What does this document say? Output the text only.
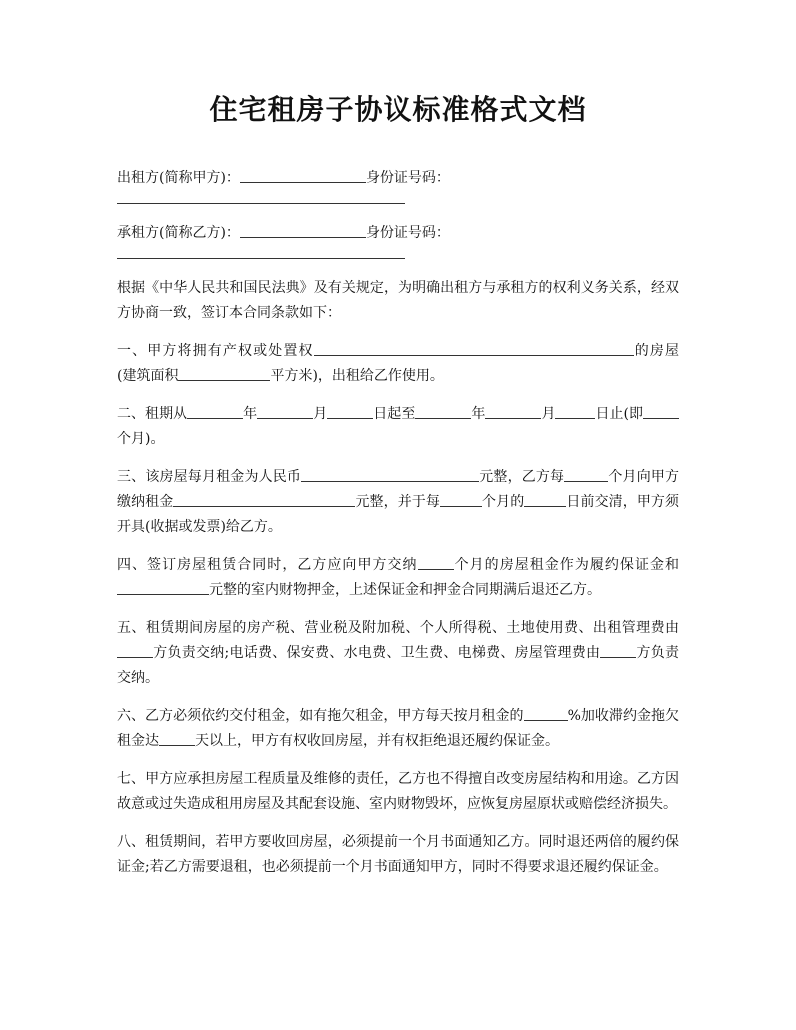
住宅租房子协议标准格式文档
出租方(简称甲方)：	身份证号码：
承租方(简称乙方)：	身份证号码：
根据《中华人民共和国民法典》及有关规定，为明确出租方与承租方的权利义务关系，经双方协商一致，签订本合同条款如下：
一、甲方将拥有产权或处置权	的房屋(建筑面积	平方米)，出租给乙作使用。
二、租期从	年	月	日起至	年	月	日止(即个月)。
三、该房屋每月租金为人民币	元整，乙方每	个月向甲方缴纳租金	元整，并于每	个月的	日前交清，甲方须开具(收据或发票)给乙方。
四、签订房屋租赁合同时，乙方应向甲方交纳	个月的房屋租金作为履约保证金和元整的室内财物押金，上述保证金和押金合同期满后退还乙方。
五、租赁期间房屋的房产税、营业税及附加税、个人所得税、土地使用费、出租管理费由方负责交纳;电话费、保安费、水电费、卫生费、电梯费、房屋管理费由	方负责交纳。
六、乙方必须依约交付租金，如有拖欠租金，甲方每天按月租金的	%加收滞约金拖欠租金达	天以上，甲方有权收回房屋，并有权拒绝退还履约保证金。
七、甲方应承担房屋工程质量及维修的责任，乙方也不得擅自改变房屋结构和用途。乙方因故意或过失造成租用房屋及其配套设施、室内财物毁坏，应恢复房屋原状或赔偿经济损失。
八、租赁期间，若甲方要收回房屋，必须提前一个月书面通知乙方。同时退还两倍的履约保证金;若乙方需要退租，也必须提前一个月书面通知甲方，同时不得要求退还履约保证金。
